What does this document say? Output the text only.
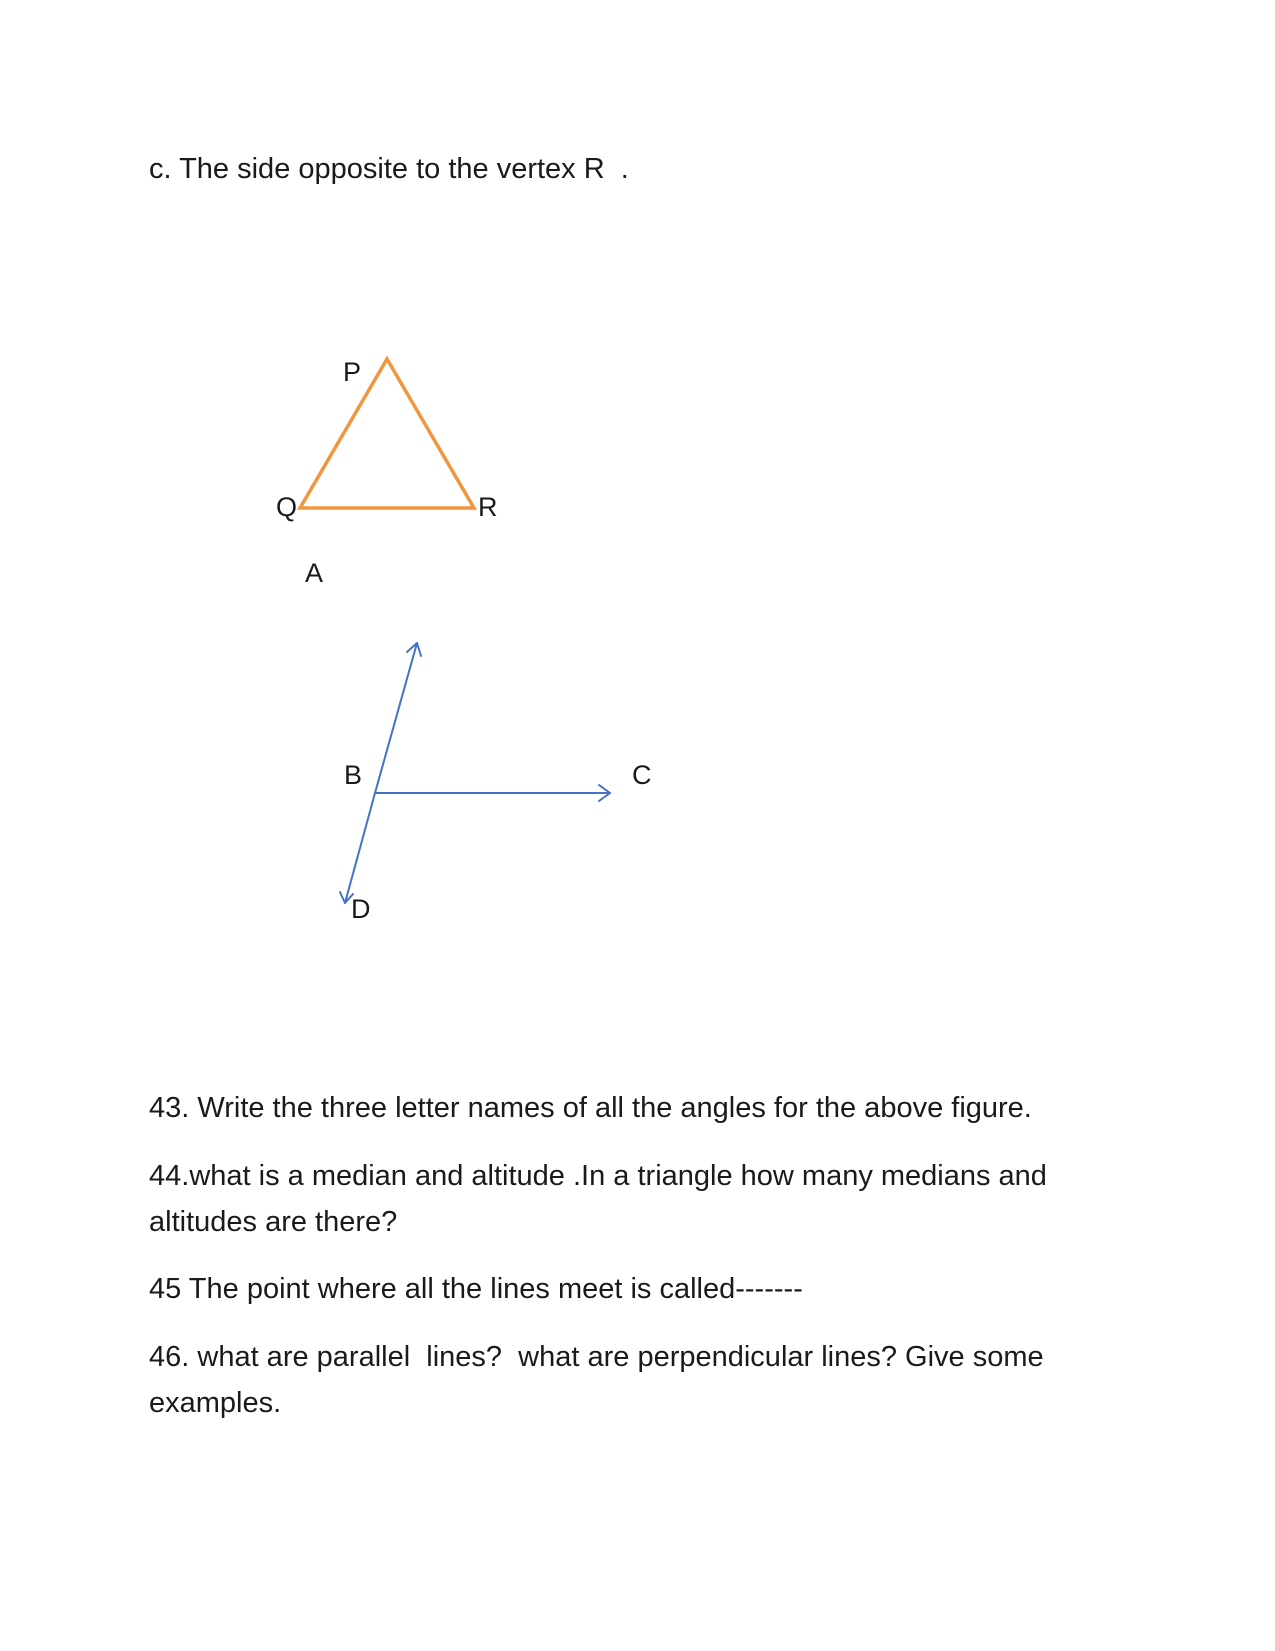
c. The side opposite to the vertex R  .
P
Q	R
A
B	C
D
43. Write the three letter names of all the angles for the above figure.
44.what is a median and altitude .In a triangle how many medians and altitudes are there?
45 The point where all the lines meet is called-------
46. what are parallel  lines?  what are perpendicular lines? Give some examples.
